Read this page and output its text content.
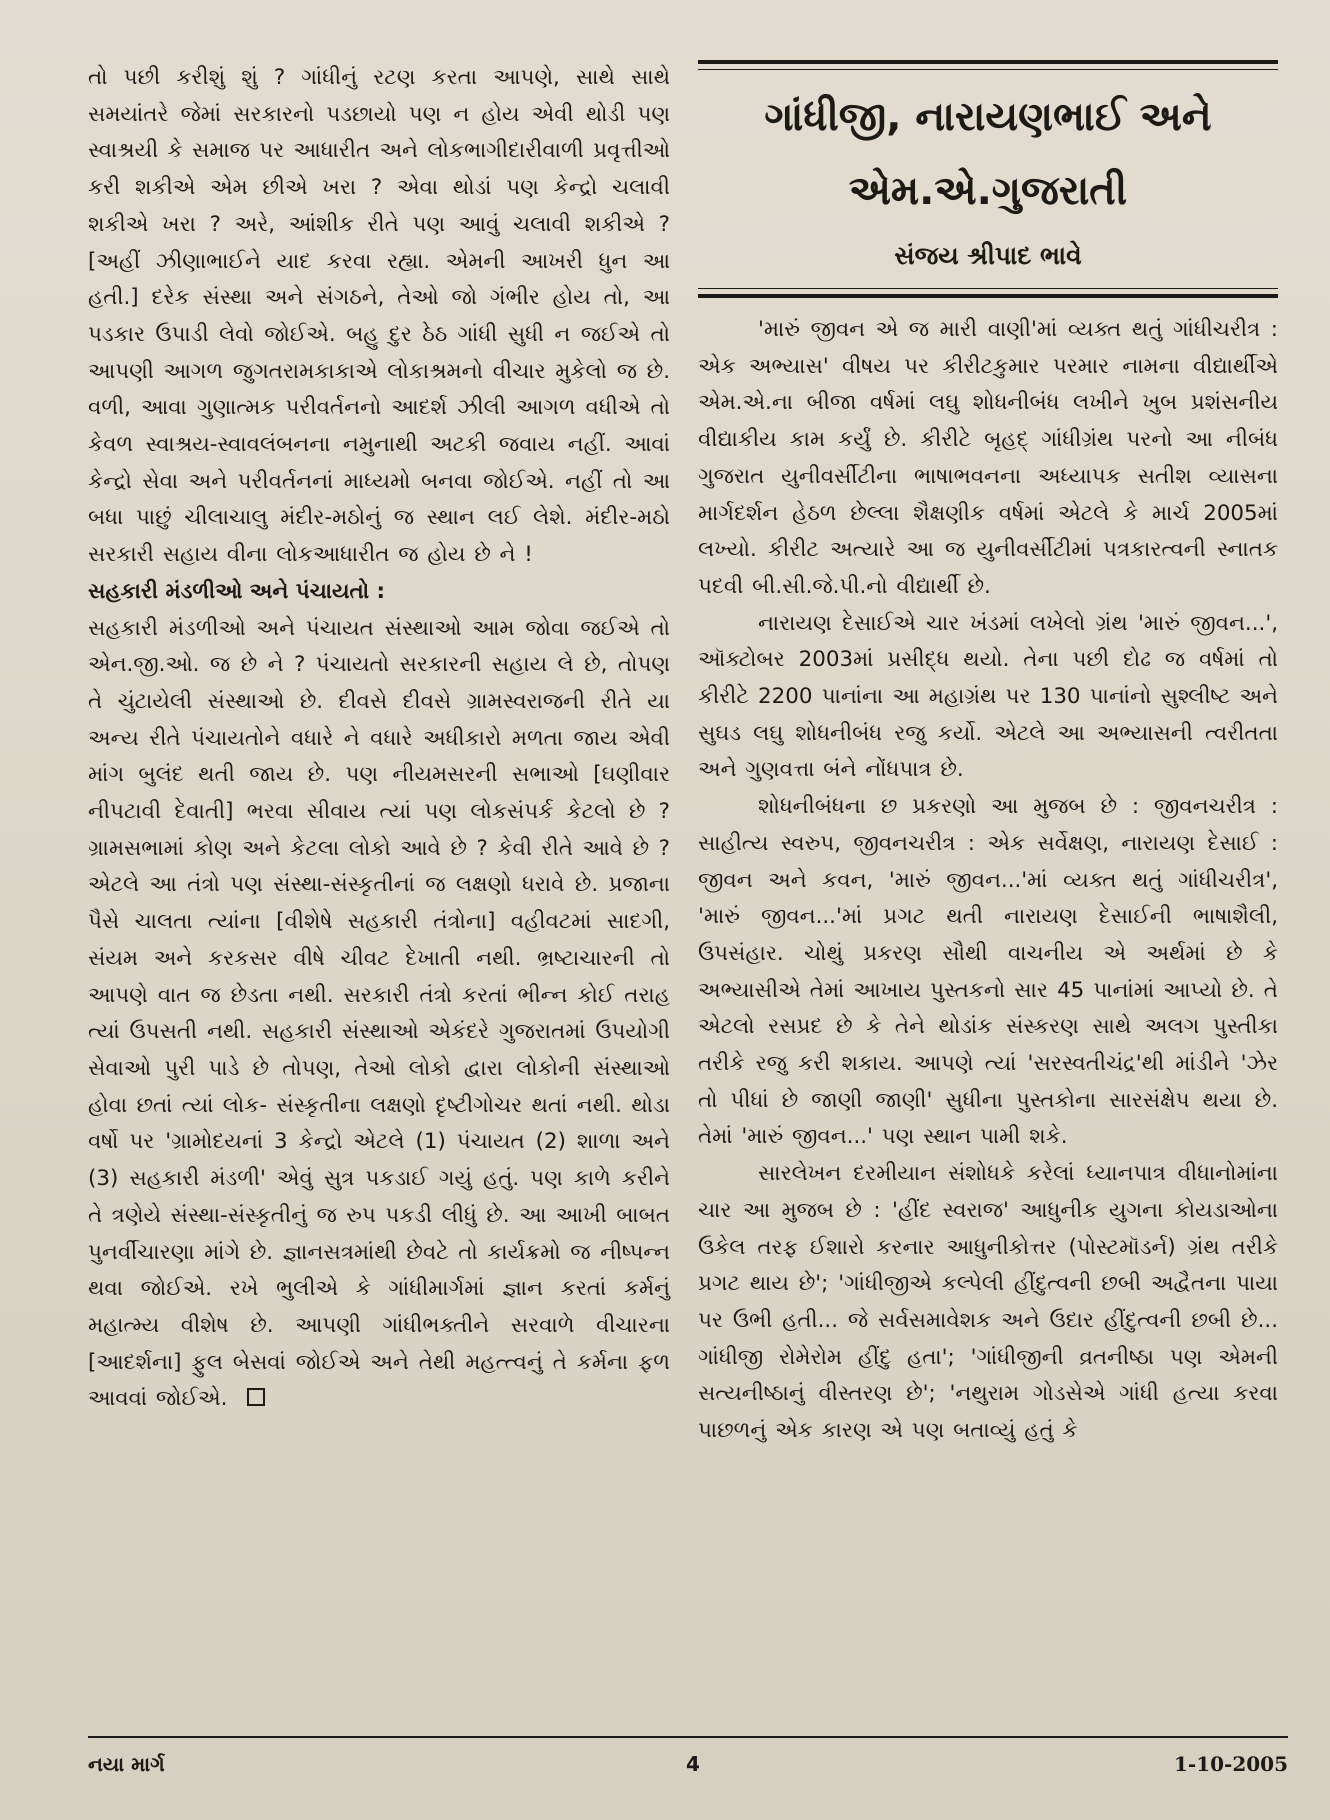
તો પછી કરીશું શું ? ગાંધીનું રટણ કરતા આપણે, સાથે સાથે સમયાંતરે જેમાં સરકારનો પડછાયો પણ ન હોય એવી થોડી પણ સ્વાશ્રયી કે સમાજ પર આધારીત અને લોકભાગીદારીવાળી પ્રવૃત્તીઓ કરી શકીએ એમ છીએ ખરા ? એવા થોડાં પણ કેન્દ્રો ચલાવી શકીએ ખરા ? અરે, આંશીક રીતે પણ આવું ચલાવી શકીએ ? [અહીં ઝીણાભાઈને યાદ કરવા રહ્યા. એમની આખરી ધુન આ હતી.] દરેક સંસ્થા અને સંગઠને, તેઓ જો ગંભીર હોય તો, આ પડકાર ઉપાડી લેવો જોઈએ. બહુ દુર ઠેઠ ગાંધી સુધી ન જઈએ તો આપણી આગળ જુગતરામકાકાએ લોકાશ્રમનો વીચાર મુકેલો જ છે. વળી, આવા ગુણાત્મક પરીવર્તનનો આદર્શ ઝીલી આગળ વધીએ તો કેવળ સ્વાશ્રય-સ્વાવલંબનના નમુનાથી અટકી જવાય નહીં. આવાં કેન્દ્રો સેવા અને પરીવર્તનનાં માધ્યમો બનવા જોઈએ. નહીં તો આ બધા પાછું ચીલાચાલુ મંદીર-મઠોનું જ સ્થાન લઈ લેશે. મંદીર-મઠો સરકારી સહાય વીના લોકઆધારીત જ હોય છે ને !

સહકારી મંડળીઓ અને પંચાયતો :

સહકારી મંડળીઓ અને પંચાયત સંસ્થાઓ આમ જોવા જઈએ તો એન.જી.ઓ. જ છે ને ? પંચાયતો સરકારની સહાય લે છે, તોપણ તે ચુંટાયેલી સંસ્થાઓ છે. દીવસે દીવસે ગ્રામસ્વરાજની રીતે યા અન્ય રીતે પંચાયતોને વધારે ને વધારે અધીકારો મળતા જાય એવી માંગ બુલંદ થતી જાય છે. પણ નીયમસરની સભાઓ [ઘણીવાર નીપટાવી દેવાતી] ભરવા સીવાય ત્યાં પણ લોકસંપર્ક કેટલો છે ? ગ્રામસભામાં કોણ અને કેટલા લોકો આવે છે ? કેવી રીતે આવે છે ? એટલે આ તંત્રો પણ સંસ્થા-સંસ્કૃતીનાં જ લક્ષણો ધરાવે છે. પ્રજાના પૈસે ચાલતા ત્યાંના [વીશેષે સહકારી તંત્રોના] વહીવટમાં સાદગી, સંયમ અને કરકસર વીષે ચીવટ દેખાતી નથી. ભ્રષ્ટાચારની તો આપણે વાત જ છેડતા નથી. સરકારી તંત્રો કરતાં ભીન્ન કોઈ તરાહ ત્યાં ઉપસતી નથી. સહકારી સંસ્થાઓ એકંદરે ગુજરાતમાં ઉપયોગી સેવાઓ પુરી પાડે છે તોપણ, તેઓ લોકો દ્વારા લોકોની સંસ્થાઓ હોવા છતાં ત્યાં લોક- સંસ્કૃતીના લક્ષણો દૃષ્ટીગોચર થતાં નથી. થોડા વર્ષો પર 'ગ્રામોદયનાં 3 કેન્દ્રો એટલે (1) પંચાયત (2) શાળા અને (3) સહકારી મંડળી' એવું સુત્ર પકડાઈ ગયું હતું. પણ કાળે કરીને તે ત્રણેયે સંસ્થા-સંસ્કૃતીનું જ રુપ પકડી લીધું છે. આ આખી બાબત પુનર્વીચારણા માંગે છે. જ્ઞાનસત્રમાંથી છેવટે તો કાર્યક્રમો જ નીષ્પન્ન થવા જોઈએ. રખે ભુલીએ કે ગાંધીમાર્ગમાં જ્ઞાન કરતાં કર્મનું મહાત્મ્ય વીશેષ છે. આપણી ગાંધીભક્તીને સરવાળે વીચારના [આદર્શના] ફુલ બેસવાં જોઈએ અને તેથી મહત્ત્વનું તે કર્મના ફળ આવવાં જોઈએ.

ગાંધીજી, નારાયણભાઈ અને એમ.એ.ગુજરાતી
સંજય શ્રીપાદ ભાવે

'મારું જીવન એ જ મારી વાણી'માં વ્યક્ત થતું ગાંધીચરીત્ર : એક અભ્યાસ' વીષય પર કીરીટકુમાર પરમાર નામના વીદ્યાર્થીએ એમ.એ.ના બીજા વર્ષમાં લઘુ શોધનીબંધ લખીને ખુબ પ્રશંસનીય વીદ્યાકીય કામ કર્યું છે. કીરીટે બૃહદ્ ગાંધીગ્રંથ પરનો આ નીબંધ ગુજરાત યુનીવર્સીટીના ભાષાભવનના અધ્યાપક સતીશ વ્યાસના માર્ગદર્શન હેઠળ છેલ્લા શૈક્ષણીક વર્ષમાં એટલે કે માર્ચ 2005માં લખ્યો. કીરીટ અત્યારે આ જ યુનીવર્સીટીમાં પત્રકારત્વની સ્નાતક પદવી બી.સી.જે.પી.નો વીદ્યાર્થી છે.

નારાયણ દેસાઈએ ચાર ખંડમાં લખેલો ગ્રંથ 'મારું જીવન...', ઑક્ટોબર 2003માં પ્રસીદ્ધ થયો. તેના પછી દોઢ જ વર્ષમાં તો કીરીટે 2200 પાનાંના આ મહાગ્રંથ પર 130 પાનાંનો સુશ્લીષ્ટ અને સુઘડ લઘુ શોધનીબંધ રજુ કર્યો. એટલે આ અભ્યાસની ત્વરીતતા અને ગુણવત્તા બંને નોંધપાત્ર છે.

શોધનીબંધના છ પ્રકરણો આ મુજબ છે : જીવનચરીત્ર : સાહીત્ય સ્વરુપ, જીવનચરીત્ર : એક સર્વેક્ષણ, નારાયણ દેસાઈ : જીવન અને કવન, 'મારું જીવન...'માં વ્યક્ત થતું ગાંધીચરીત્ર', 'મારું જીવન...'માં પ્રગટ થતી નારાયણ દેસાઈની ભાષાશૈલી, ઉપસંહાર. ચોથું પ્રકરણ સૌથી વાચનીય એ અર્થમાં છે કે અભ્યાસીએ તેમાં આખાય પુસ્તકનો સાર 45 પાનાંમાં આપ્યો છે. તે એટલો રસપ્રદ છે કે તેને થોડાંક સંસ્કરણ સાથે અલગ પુસ્તીકા તરીકે રજુ કરી શકાય. આપણે ત્યાં 'સરસ્વતીચંદ્ર'થી માંડીને 'ઝેર તો પીધાં છે જાણી જાણી' સુધીના પુસ્તકોના સારસંક્ષેપ થયા છે. તેમાં 'મારું જીવન...' પણ સ્થાન પામી શકે.

સારલેખન દરમીયાન સંશોધકે કરેલાં ધ્યાનપાત્ર વીધાનોમાંના ચાર આ મુજબ છે : 'હીંદ સ્વરાજ' આધુનીક યુગના કોયડાઓના ઉકેલ તરફ ઈશારો કરનાર આધુનીકોત્તર (પોસ્ટમૉડર્ન) ગ્રંથ તરીકે પ્રગટ થાય છે'; 'ગાંધીજીએ કલ્પેલી હીંદુત્વની છબી અદ્વૈતના પાયા પર ઉભી હતી... જે સર્વસમાવેશક અને ઉદાર હીંદુત્વની છબી છે... ગાંધીજી રોમેરોમ હીંદુ હતા'; 'ગાંધીજીની વ્રતનીષ્ઠા પણ એમની સત્યનીષ્ઠાનું વીસ્તરણ છે'; 'નથુરામ ગોડસેએ ગાંધી હત્યા કરવા પાછળનું એક કારણ એ પણ બતાવ્યું હતું કે

નયા માર્ગ	4	1-10-2005
